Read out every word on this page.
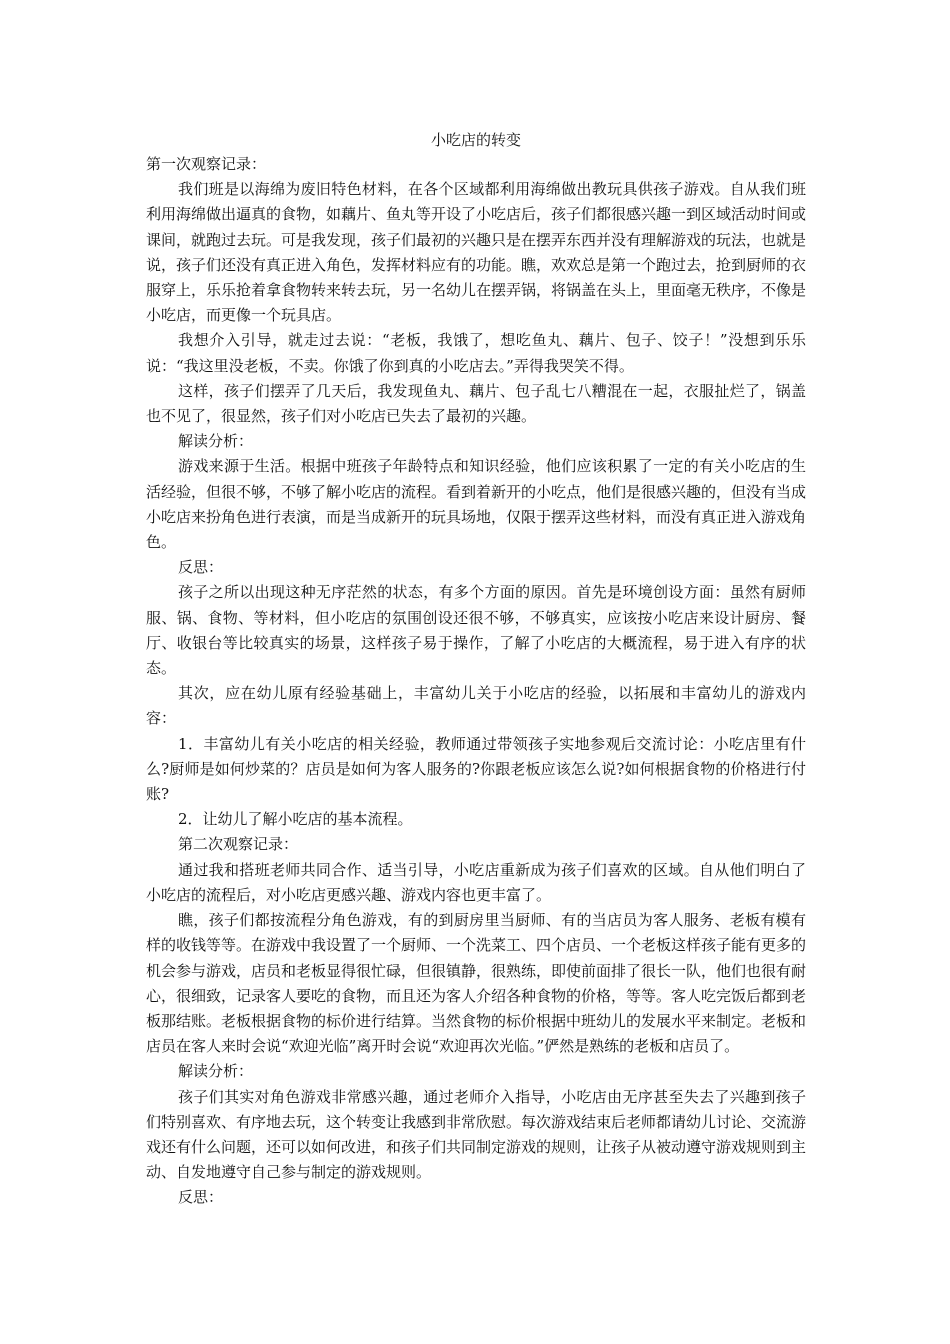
小吃店的转变

第一次观察记录：

我们班是以海绵为废旧特色材料，在各个区域都利用海绵做出教玩具供孩子游戏。自从我们班利用海绵做出逼真的食物，如藕片、鱼丸等开设了小吃店后，孩子们都很感兴趣一到区域活动时间或课间，就跑过去玩。可是我发现，孩子们最初的兴趣只是在摆弄东西并没有理解游戏的玩法，也就是说，孩子们还没有真正进入角色，发挥材料应有的功能。瞧，欢欢总是第一个跑过去，抢到厨师的衣服穿上，乐乐抢着拿食物转来转去玩，另一名幼儿在摆弄锅，将锅盖在头上，里面毫无秩序，不像是小吃店，而更像一个玩具店。

我想介入引导，就走过去说：“老板，我饿了，想吃鱼丸、藕片、包子、饺子！”没想到乐乐说：“我这里没老板，不卖。你饿了你到真的小吃店去。”弄得我哭笑不得。

这样，孩子们摆弄了几天后，我发现鱼丸、藕片、包子乱七八糟混在一起，衣服扯烂了，锅盖也不见了，很显然，孩子们对小吃店已失去了最初的兴趣。

解读分析：

游戏来源于生活。根据中班孩子年龄特点和知识经验，他们应该积累了一定的有关小吃店的生活经验，但很不够，不够了解小吃店的流程。看到着新开的小吃点，他们是很感兴趣的，但没有当成小吃店来扮角色进行表演，而是当成新开的玩具场地，仅限于摆弄这些材料，而没有真正进入游戏角色。

反思：

孩子之所以出现这种无序茫然的状态，有多个方面的原因。首先是环境创设方面：虽然有厨师服、锅、食物、等材料，但小吃店的氛围创设还很不够，不够真实，应该按小吃店来设计厨房、餐厅、收银台等比较真实的场景，这样孩子易于操作，了解了小吃店的大概流程，易于进入有序的状态。

其次，应在幼儿原有经验基础上，丰富幼儿关于小吃店的经验，以拓展和丰富幼儿的游戏内容：

1．丰富幼儿有关小吃店的相关经验，教师通过带领孩子实地参观后交流讨论：小吃店里有什么?厨师是如何炒菜的？店员是如何为客人服务的?你跟老板应该怎么说?如何根据食物的价格进行付账?

2．让幼儿了解小吃店的基本流程。

第二次观察记录：

通过我和搭班老师共同合作、适当引导，小吃店重新成为孩子们喜欢的区域。自从他们明白了小吃店的流程后，对小吃店更感兴趣、游戏内容也更丰富了。

瞧，孩子们都按流程分角色游戏，有的到厨房里当厨师、有的当店员为客人服务、老板有模有样的收钱等等。在游戏中我设置了一个厨师、一个洗菜工、四个店员、一个老板这样孩子能有更多的机会参与游戏，店员和老板显得很忙碌，但很镇静，很熟练，即使前面排了很长一队，他们也很有耐心，很细致，记录客人要吃的食物，而且还为客人介绍各种食物的价格，等等。客人吃完饭后都到老板那结账。老板根据食物的标价进行结算。当然食物的标价根据中班幼儿的发展水平来制定。老板和店员在客人来时会说“欢迎光临”离开时会说“欢迎再次光临。”俨然是熟练的老板和店员了。

解读分析：

孩子们其实对角色游戏非常感兴趣，通过老师介入指导，小吃店由无序甚至失去了兴趣到孩子们特别喜欢、有序地去玩，这个转变让我感到非常欣慰。每次游戏结束后老师都请幼儿讨论、交流游戏还有什么问题，还可以如何改进，和孩子们共同制定游戏的规则，让孩子从被动遵守游戏规则到主动、自发地遵守自己参与制定的游戏规则。

反思：
